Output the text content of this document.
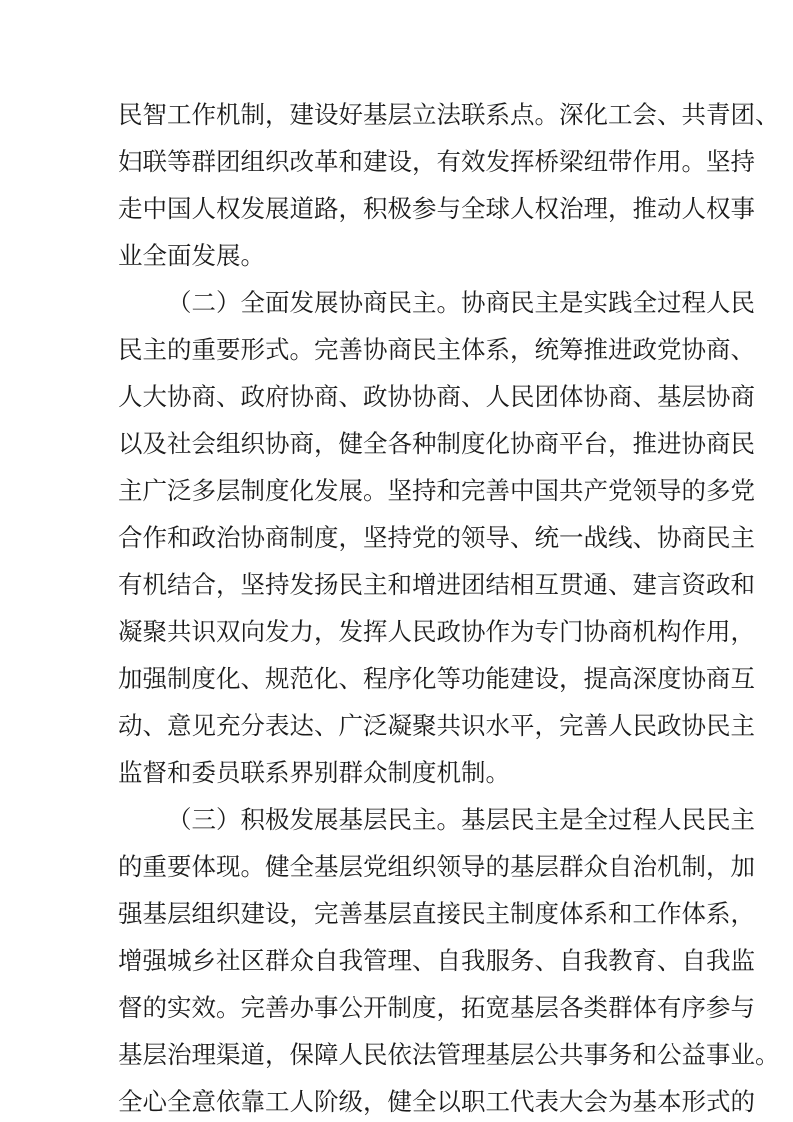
民智工作机制，建设好基层立法联系点。深化工会、共青团、
妇联等群团组织改革和建设，有效发挥桥梁纽带作用。坚持
走中国人权发展道路，积极参与全球人权治理，推动人权事
业全面发展。
（二）全面发展协商民主。协商民主是实践全过程人民
民主的重要形式。完善协商民主体系，统筹推进政党协商、
人大协商、政府协商、政协协商、人民团体协商、基层协商
以及社会组织协商，健全各种制度化协商平台，推进协商民
主广泛多层制度化发展。坚持和完善中国共产党领导的多党
合作和政治协商制度，坚持党的领导、统一战线、协商民主
有机结合，坚持发扬民主和增进团结相互贯通、建言资政和
凝聚共识双向发力，发挥人民政协作为专门协商机构作用，
加强制度化、规范化、程序化等功能建设，提高深度协商互
动、意见充分表达、广泛凝聚共识水平，完善人民政协民主
监督和委员联系界别群众制度机制。
（三）积极发展基层民主。基层民主是全过程人民民主
的重要体现。健全基层党组织领导的基层群众自治机制，加
强基层组织建设，完善基层直接民主制度体系和工作体系，
增强城乡社区群众自我管理、自我服务、自我教育、自我监
督的实效。完善办事公开制度，拓宽基层各类群体有序参与
基层治理渠道，保障人民依法管理基层公共事务和公益事业。
全心全意依靠工人阶级，健全以职工代表大会为基本形式的
